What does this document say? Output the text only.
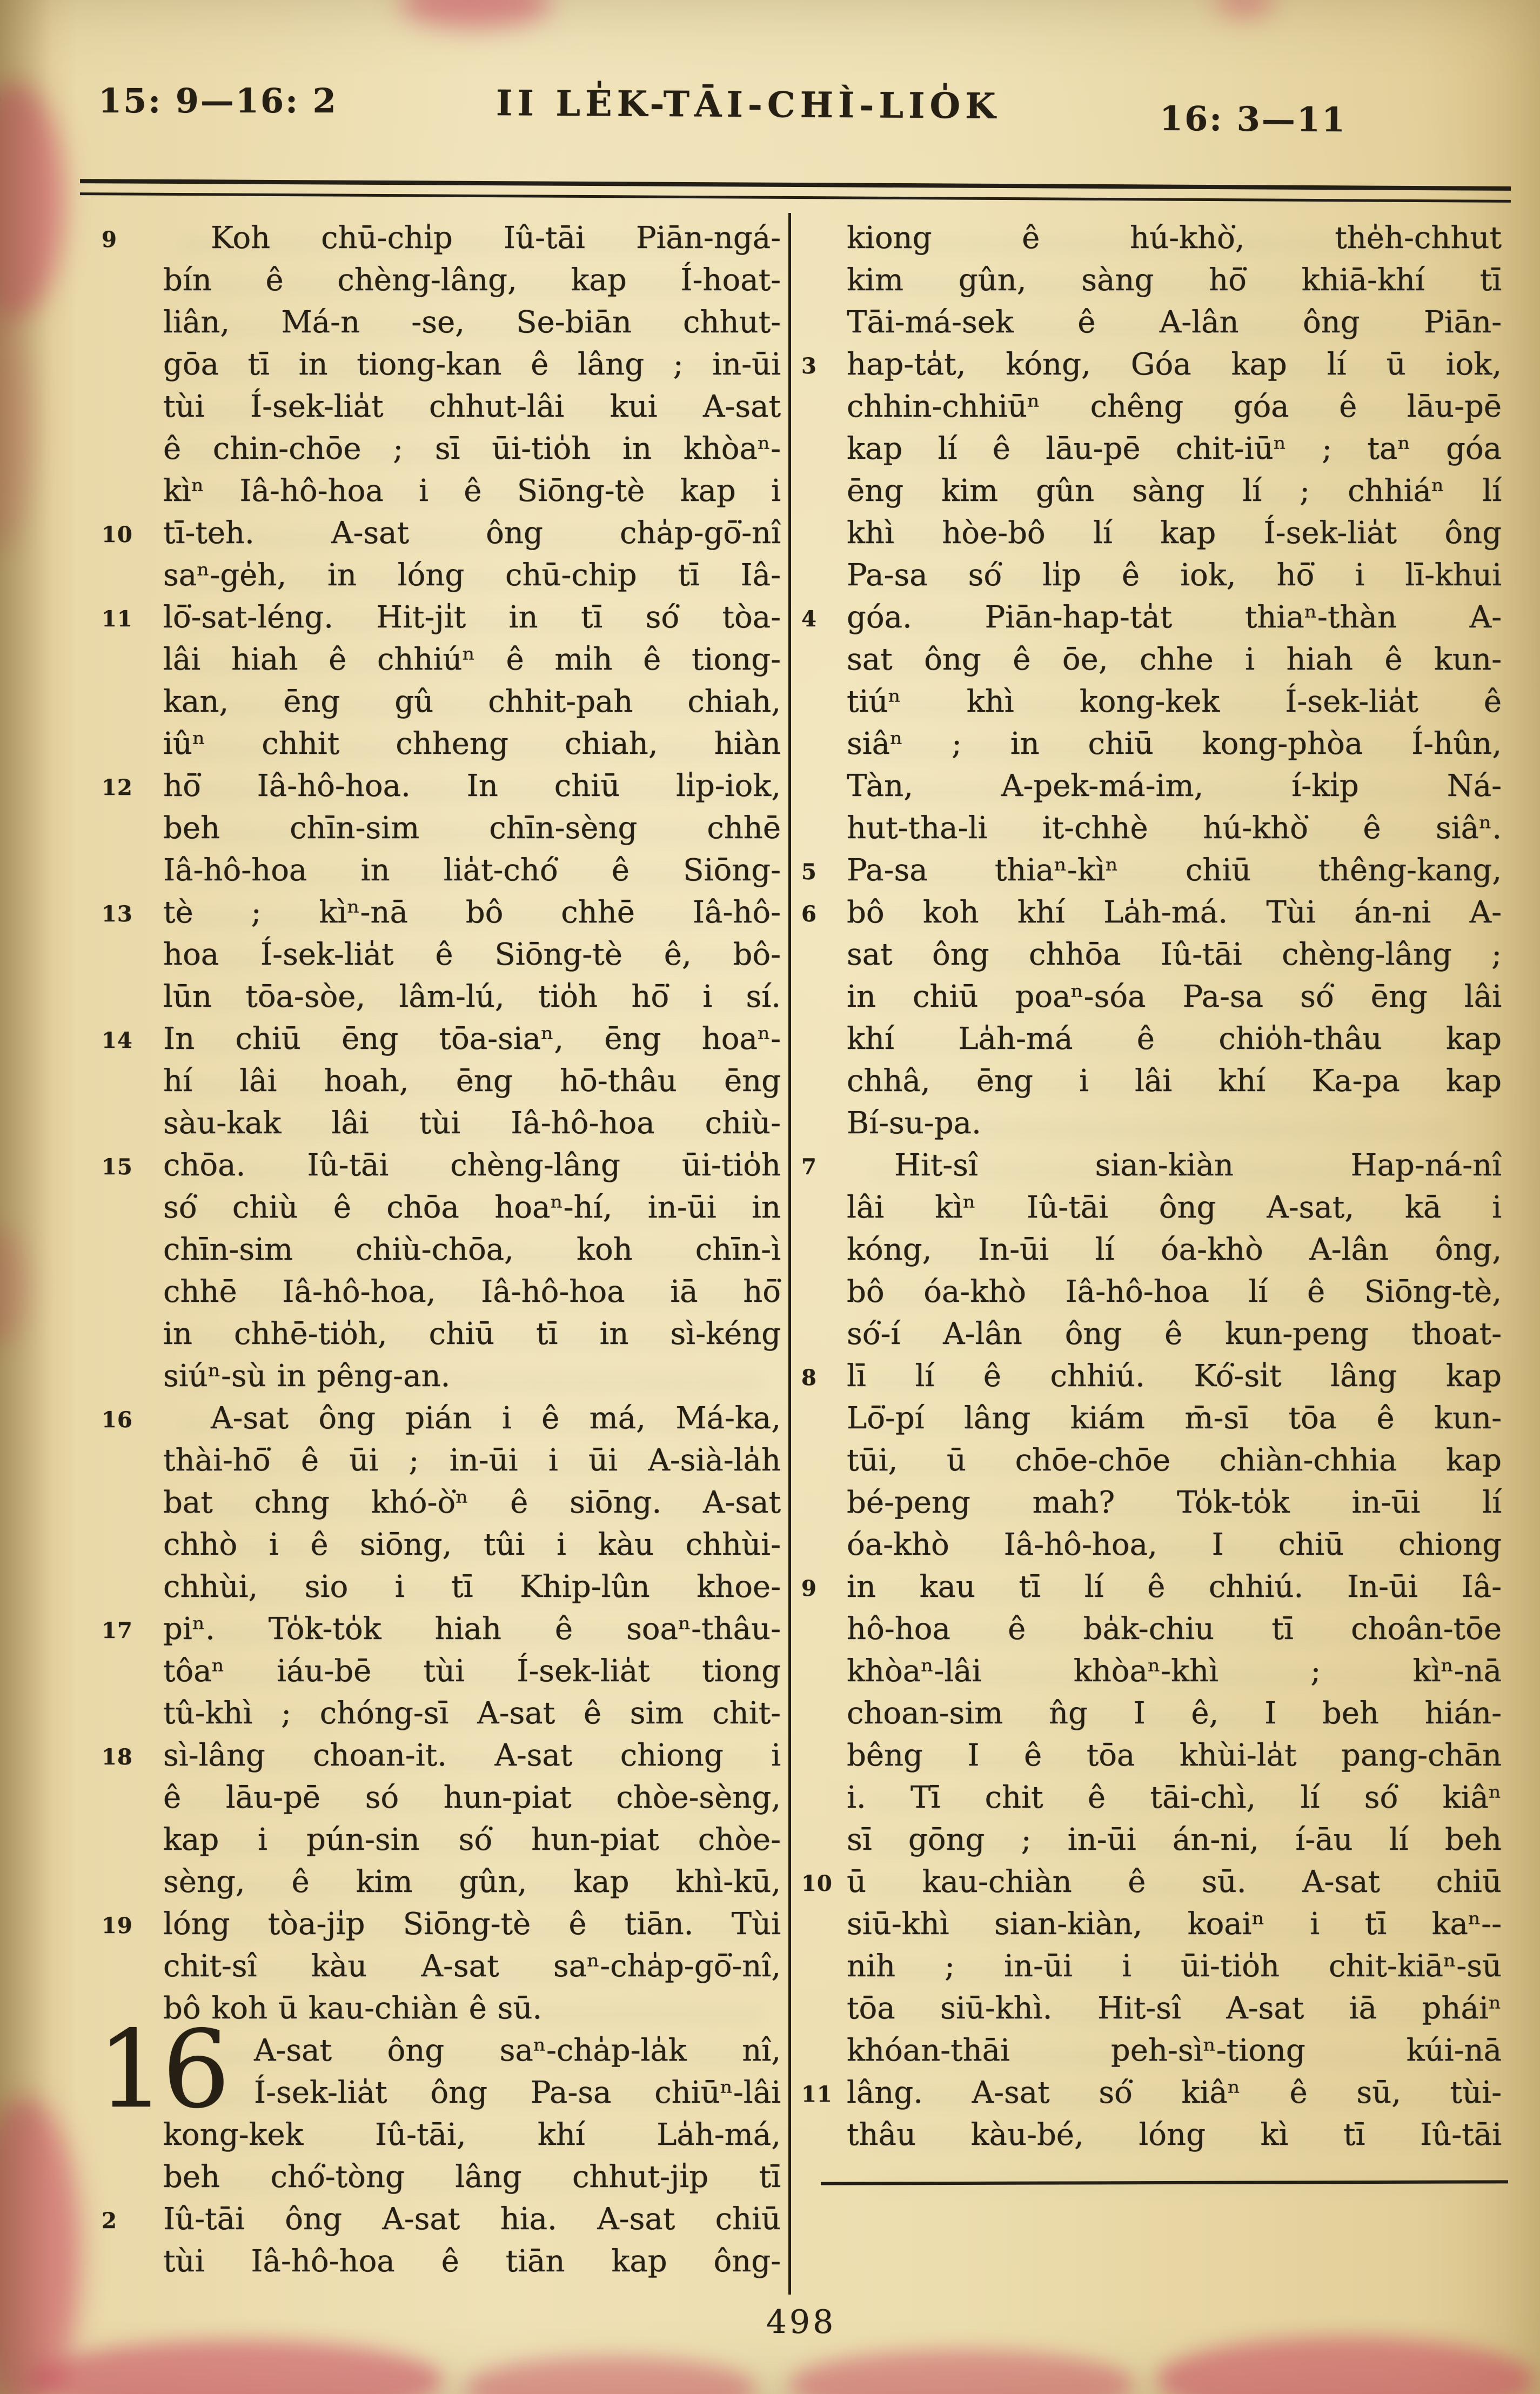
15: 9—16: 2	II LE̍K-TĀI-CHÌ-LIO̍K	16: 3—11
9	Koh chū-chi̍p Iû-tāi Piān-ngá-
bín ê chèng-lâng, kap Í-hoat-
liân, Má-n -se, Se-biān chhut-
gōa tī in tiong-kan ê lâng ; in-ūi
tùi Í-sek-lia̍t chhut-lâi kui A-sat
ê chin-chōe ; sī ūi-tio̍h in khòaⁿ-
kìⁿ Iâ-hô-hoa i ê Siōng-tè kap i
10 tī-teh. A-sat ông cha̍p-gō͘-nî
saⁿ-ge̍h, in lóng chū-chip tī Iâ-
11 lō͘-sat-léng. Hit-ji̍t in tī só͘ tòa-
lâi hiah ê chhiúⁿ ê mi̍h ê tiong-
kan, ēng gû chhit-pah chiah,
iûⁿ chhit chheng chiah, hiàn
12 hō͘ Iâ-hô-hoa. In chiū li̍p-iok,
beh chīn-sim chīn-sèng chhē
Iâ-hô-hoa in lia̍t-chó͘ ê Siōng-
13 tè ; kìⁿ-nā bô chhē Iâ-hô-
hoa Í-sek-lia̍t ê Siōng-tè ê, bô-
lūn tōa-sòe, lâm-lú, tio̍h hō͘ i sí.
14 In chiū ēng tōa-siaⁿ, ēng hoaⁿ-
hí lâi hoah, ēng hō-thâu ēng
sàu-kak lâi tùi Iâ-hô-hoa chiù-
15 chōa. Iû-tāi chèng-lâng ūi-tio̍h
só͘ chiù ê chōa hoaⁿ-hí, in-ūi in
chīn-sim chiù-chōa, koh chīn-ì
chhē Iâ-hô-hoa, Iâ-hô-hoa iā hō͘
in chhē-tio̍h, chiū tī in sì-kéng
siúⁿ-sù in pêng-an.
16	A-sat ông pián i ê má, Má-ka,
thài-hō͘ ê ūi ; in-ūi i ūi A-sià-la̍h
bat chng khó-ò͘ⁿ ê siōng. A-sat
chhò i ê siōng, tûi i kàu chhùi-
chhùi, sio i tī Khip-lûn khoe-
17 piⁿ. To̍k-to̍k hiah ê soaⁿ-thâu-
tôaⁿ iáu-bē tùi Í-sek-lia̍t tiong
tû-khì ; chóng-sī A-sat ê sim chit-
18 sì-lâng choan-it. A-sat chiong i
ê lāu-pē só hun-piat chòe-sèng,
kap i pún-sin só͘ hun-piat chòe-
sèng, ê kim gûn, kap khì-kū,
19 lóng tòa-ji̍p Siōng-tè ê tiān. Tùi
chit-sî kàu A-sat saⁿ-cha̍p-gō͘-nî,
bô koh ū kau-chiàn ê sū.
16 A-sat ông saⁿ-cha̍p-la̍k nî,
Í-sek-lia̍t ông Pa-sa chiūⁿ-lâi
kong-kek Iû-tāi, khí La̍h-má,
beh chó͘-tòng lâng chhut-ji̍p tī
2 Iû-tāi ông A-sat hia. A-sat chiū
tùi Iâ-hô-hoa ê tiān kap ông-
kiong ê hú-khò͘, the̍h-chhut
kim gûn, sàng hō͘ khiā-khí tī
Tāi-má-sek ê A-lân ông Piān-
3 hap-ta̍t, kóng, Góa kap lí ū iok,
chhin-chhiūⁿ chêng góa ê lāu-pē
kap lí ê lāu-pē chit-iūⁿ ; taⁿ góa
ēng kim gûn sàng lí ; chhiáⁿ lí
khì hòe-bô lí kap Í-sek-lia̍t ông
Pa-sa só͘ li̍p ê iok, hō͘ i lī-khui
4 góa. Piān-hap-ta̍t thiaⁿ-thàn A-
sat ông ê ōe, chhe i hiah ê kun-
tiúⁿ khì kong-kek Í-sek-lia̍t ê
siâⁿ ; in chiū kong-phòa Í-hûn,
Tàn, A-pek-má-im, í-ki̍p Ná-
hut-tha-li it-chhè hú-khò͘ ê siâⁿ.
5 Pa-sa thiaⁿ-kìⁿ chiū thêng-kang,
6 bô koh khí La̍h-má. Tùi án-ni A-
sat ông chhōa Iû-tāi chèng-lâng ;
in chiū poaⁿ-sóa Pa-sa só͘ ēng lâi
khí La̍h-má ê chio̍h-thâu kap
chhâ, ēng i lâi khí Ka-pa kap
Bí-su-pa.
7	Hit-sî sian-kiàn Hap-ná-nî
lâi kìⁿ Iû-tāi ông A-sat, kā i
kóng, In-ūi lí óa-khò A-lân ông,
bô óa-khò Iâ-hô-hoa lí ê Siōng-tè,
só͘-í A-lân ông ê kun-peng thoat-
8 lī lí ê chhiú. Kó͘-si̍t lâng kap
Lō͘-pí lâng kiám m̄-sī tōa ê kun-
tūi, ū chōe-chōe chiàn-chhia kap
bé-peng mah? To̍k-to̍k in-ūi lí
óa-khò Iâ-hô-hoa, I chiū chiong
9 in kau tī lí ê chhiú. In-ūi Iâ-
hô-hoa ê ba̍k-chiu tī choân-tōe
khòaⁿ-lâi khòaⁿ-khì ; kìⁿ-nā
choan-sim n̂g I ê, I beh hián-
bêng I ê tōa khùi-la̍t pang-chān
i. Tī chit ê tāi-chì, lí só͘ kiâⁿ
sī gōng ; in-ūi án-ni, í-āu lí beh
10 ū kau-chiàn ê sū. A-sat chiū
siū-khì sian-kiàn, koaiⁿ i tī kaⁿ--
nih ; in-ūi i ūi-tio̍h chit-kiāⁿ-sū
tōa siū-khì. Hit-sî A-sat iā pháiⁿ
khóan-thāi peh-sìⁿ-tiong kúi-nā
11 lâng. A-sat só͘ kiâⁿ ê sū, tùi-
thâu kàu-bé, lóng kì tī Iû-tāi
498
